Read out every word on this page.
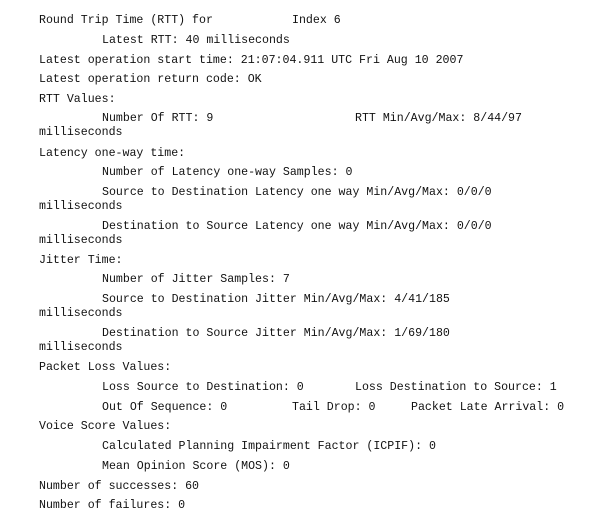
Round Trip Time (RTT) for	Index 6
Latest RTT: 40 milliseconds
Latest operation start time: 21:07:04.911 UTC Fri Aug 10 2007
Latest operation return code: OK
RTT Values:
Number Of RTT: 9	RTT Min/Avg/Max: 8/44/97
milliseconds
Latency one-way time:
Number of Latency one-way Samples: 0
Source to Destination Latency one way Min/Avg/Max: 0/0/0
milliseconds
Destination to Source Latency one way Min/Avg/Max: 0/0/0
milliseconds
Jitter Time:
Number of Jitter Samples: 7
Source to Destination Jitter Min/Avg/Max: 4/41/185
milliseconds
Destination to Source Jitter Min/Avg/Max: 1/69/180
milliseconds
Packet Loss Values:
Loss Source to Destination: 0	Loss Destination to Source: 1
Out Of Sequence: 0	Tail Drop: 0	Packet Late Arrival: 0
Voice Score Values:
Calculated Planning Impairment Factor (ICPIF): 0
Mean Opinion Score (MOS): 0
Number of successes: 60
Number of failures: 0
